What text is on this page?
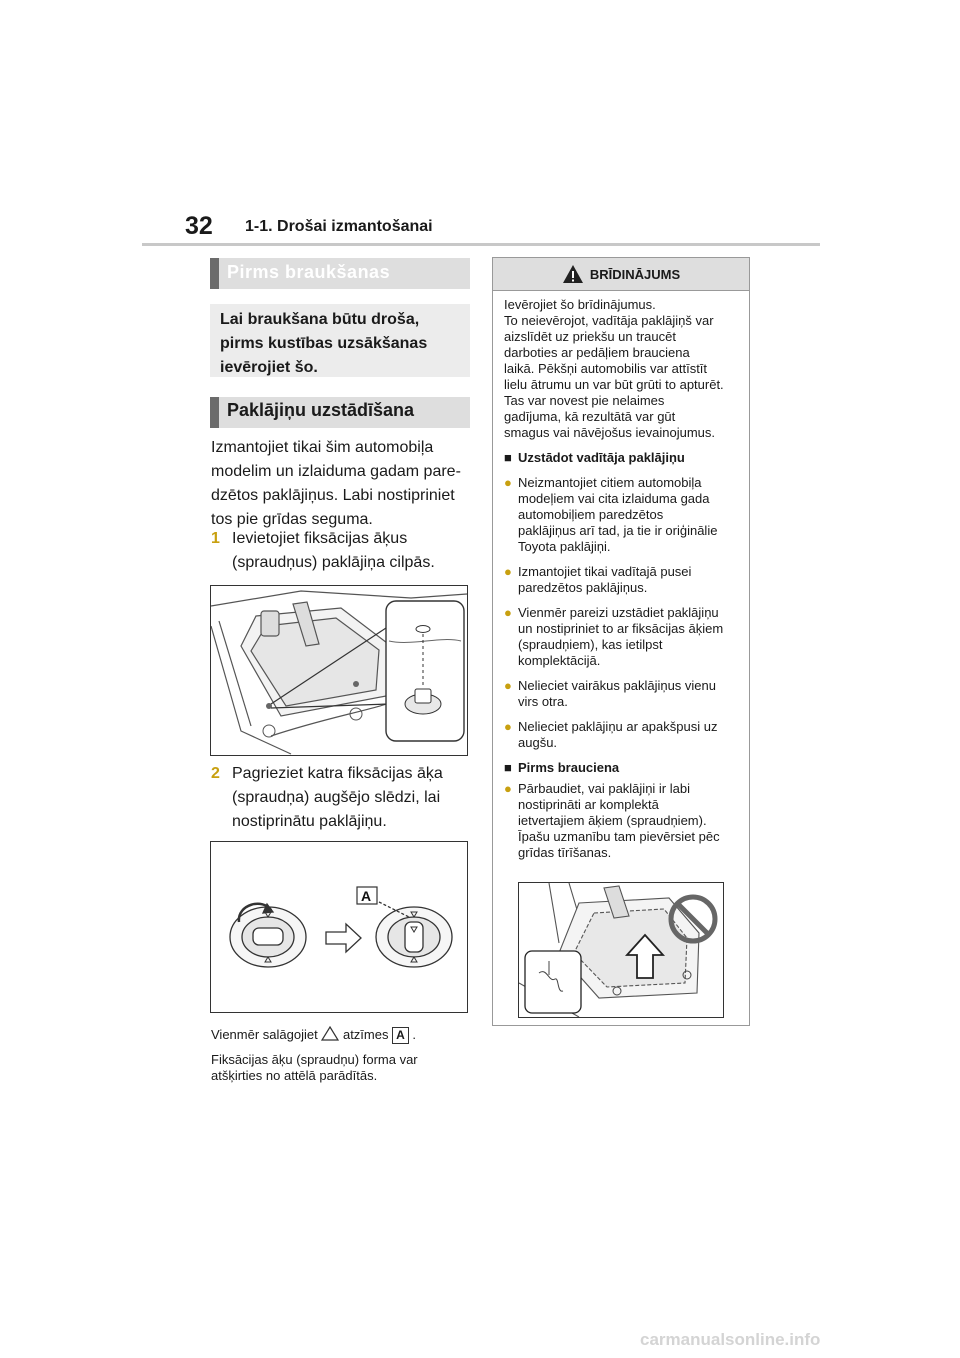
32 1-1. Drošai izmantošanai
Pirms braukšanas
Lai braukšana būtu droša,
pirms kustības uzsākšanas
ievērojiet šo.
Paklājiņu uzstādīšana
Izmantojiet tikai šim automobiļa
modelim un izlaiduma gadam pare-
dzētos paklājiņus. Labi nostipriniet
tos pie grīdas seguma.
1 Ievietojiet fiksācijas āķus
(spraudņus) paklājiņa cilpās.
2 Pagrieziet katra fiksācijas āķa
(spraudņa) augšējo slēdzi, lai
nostiprinātu paklājiņu.
A
Vienmēr salāgojiet atzīmes A .
Fiksācijas āķu (spraudņu) forma var
atšķirties no attēlā parādītās.
BRĪDINĀJUMS
Ievērojiet šo brīdinājumus.
To neievērojot, vadītāja paklājiņš var
aizslīdēt uz priekšu un traucēt
darboties ar pedāļiem brauciena
laikā. Pēkšņi automobilis var attīstīt
lielu ātrumu un var būt grūti to apturēt.
Tas var novest pie nelaimes
gadījuma, kā rezultātā var gūt
smagus vai nāvējošus ievainojumus.
■ Uzstādot vadītāja paklājiņu
● Neizmantojiet citiem automobiļa
modeļiem vai cita izlaiduma gada
automobiļiem paredzētos
paklājiņus arī tad, ja tie ir oriģinālie
Toyota paklājiņi.
● Izmantojiet tikai vadītajā pusei
paredzētos paklājiņus.
● Vienmēr pareizi uzstādiet paklājiņu
un nostipriniet to ar fiksācijas āķiem
(spraudņiem), kas ietilpst
komplektācijā.
● Nelieciet vairākus paklājiņus vienu
virs otra.
● Nelieciet paklājiņu ar apakšpusi uz
augšu.
■ Pirms brauciena
● Pārbaudiet, vai paklājiņi ir labi
nostiprināti ar komplektā
ietvertajiem āķiem (spraudņiem).
Īpašu uzmanību tam pievērsiet pēc
grīdas tīrīšanas.
carmanualsonline.info
